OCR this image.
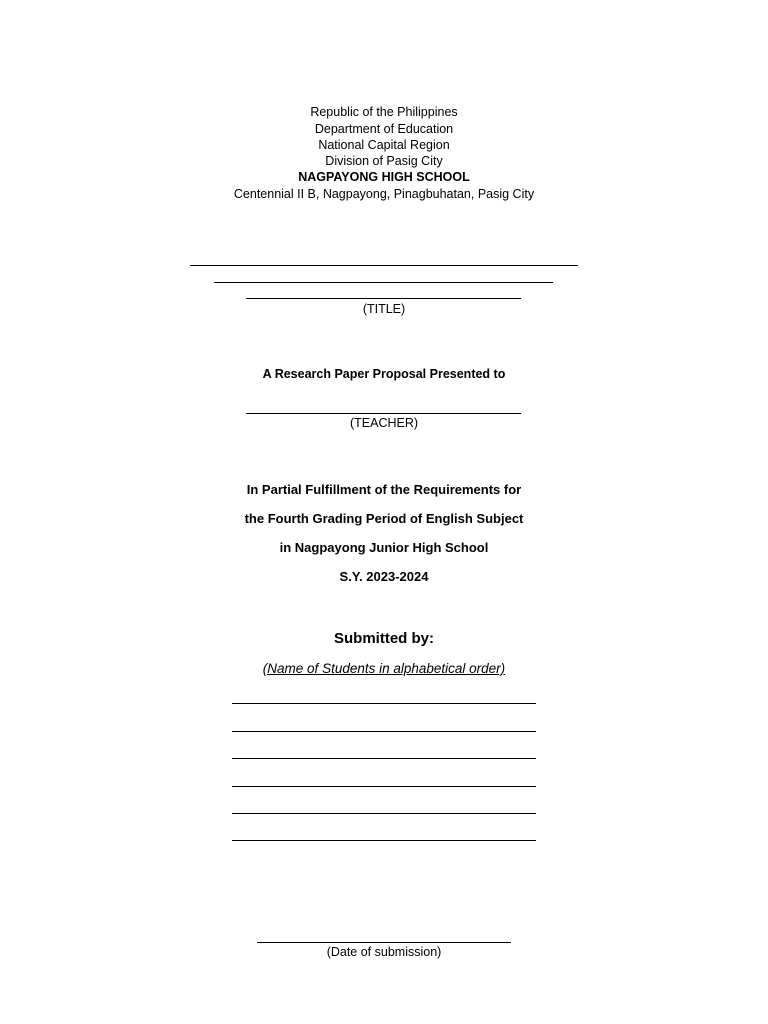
Republic of the Philippines
Department of Education
National Capital Region
Division of Pasig City
NAGPAYONG HIGH SCHOOL
Centennial II B, Nagpayong, Pinagbuhatan, Pasig City
(TITLE)
A Research Paper Proposal Presented to
(TEACHER)
In Partial Fulfillment of the Requirements for
the Fourth Grading Period of English Subject
in Nagpayong Junior High School
S.Y. 2023-2024
Submitted by:
(Name of Students in alphabetical order)
(Date of submission)
